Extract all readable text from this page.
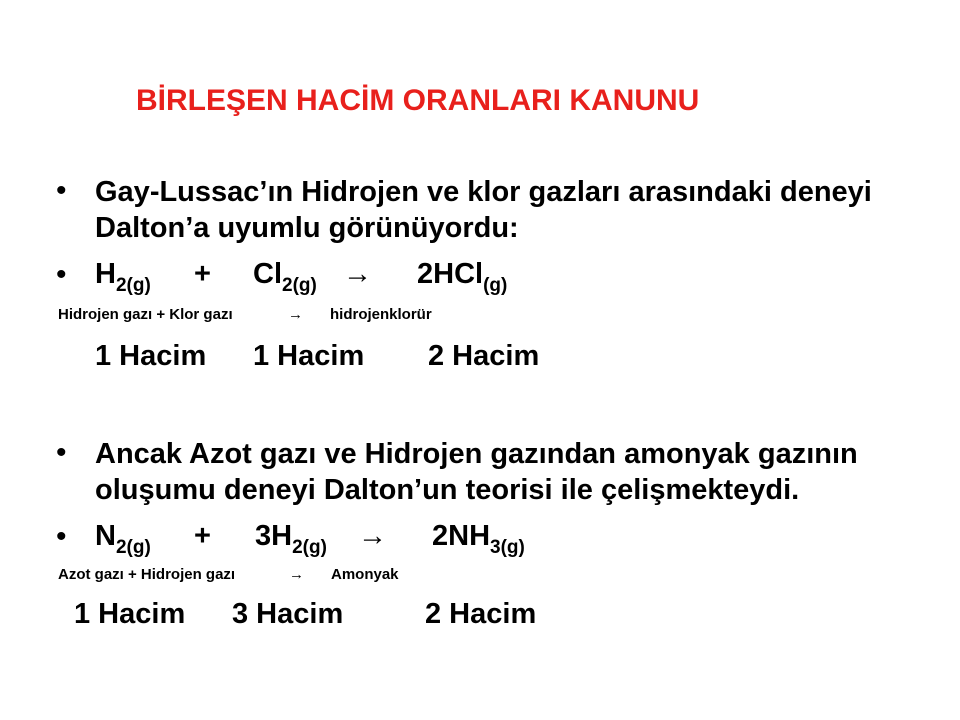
BİRLEŞEN HACİM ORANLARI KANUNU
• Gay-Lussac’ın Hidrojen ve klor gazları arasındaki deneyi
Dalton’a uyumlu görünüyordu:
• $H_{2(g)} + Cl_{2(g)} \to 2HCl_{(g)}$
Hidrojen gazı + Klor gazı	→ hidrojenklorür
1 Hacim 1 Hacim 2 Hacim
• Ancak Azot gazı ve Hidrojen gazından amonyak gazının
oluşumu deneyi Dalton’un teorisi ile çelişmekteydi.
• $N_{2(g)} + 3H_{2(g)} \to 2NH_{3(g)}$
Azot gazı + Hidrojen gazı	→ Amonyak
1 Hacim 3 Hacim	2 Hacim
